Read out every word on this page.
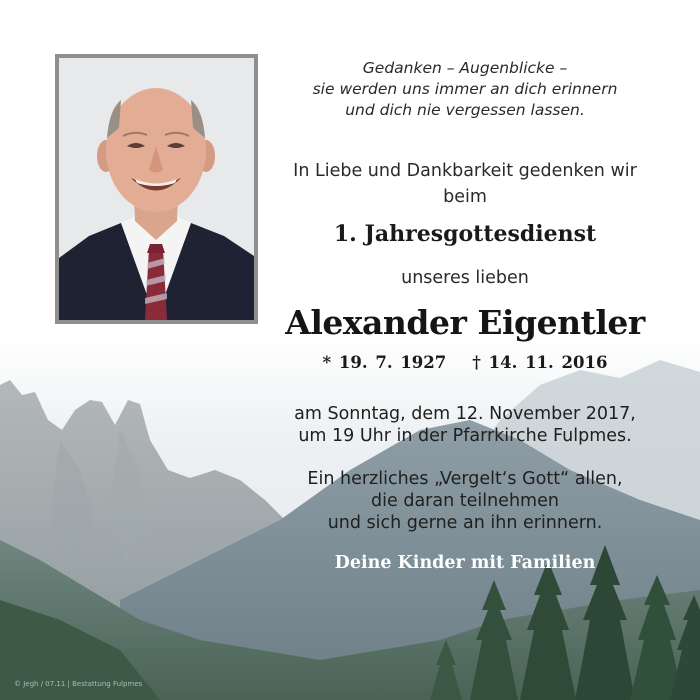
Gedanken – Augenblicke –
sie werden uns immer an dich erinnern
und dich nie vergessen lassen.
In Liebe und Dankbarkeit gedenken wir
beim
1. Jahresgottesdienst
unseres lieben
Alexander Eigentler
* 19. 7. 1927 † 14. 11. 2016
am Sonntag, dem 12. November 2017,
um 19 Uhr in der Pfarrkirche Fulpmes.
Ein herzliches „Vergelt‘s Gott“ allen,
die daran teilnehmen
und sich gerne an ihn erinnern.
Deine Kinder mit Familien
© Jegh / 07.11 | Bestattung Fulpmes
